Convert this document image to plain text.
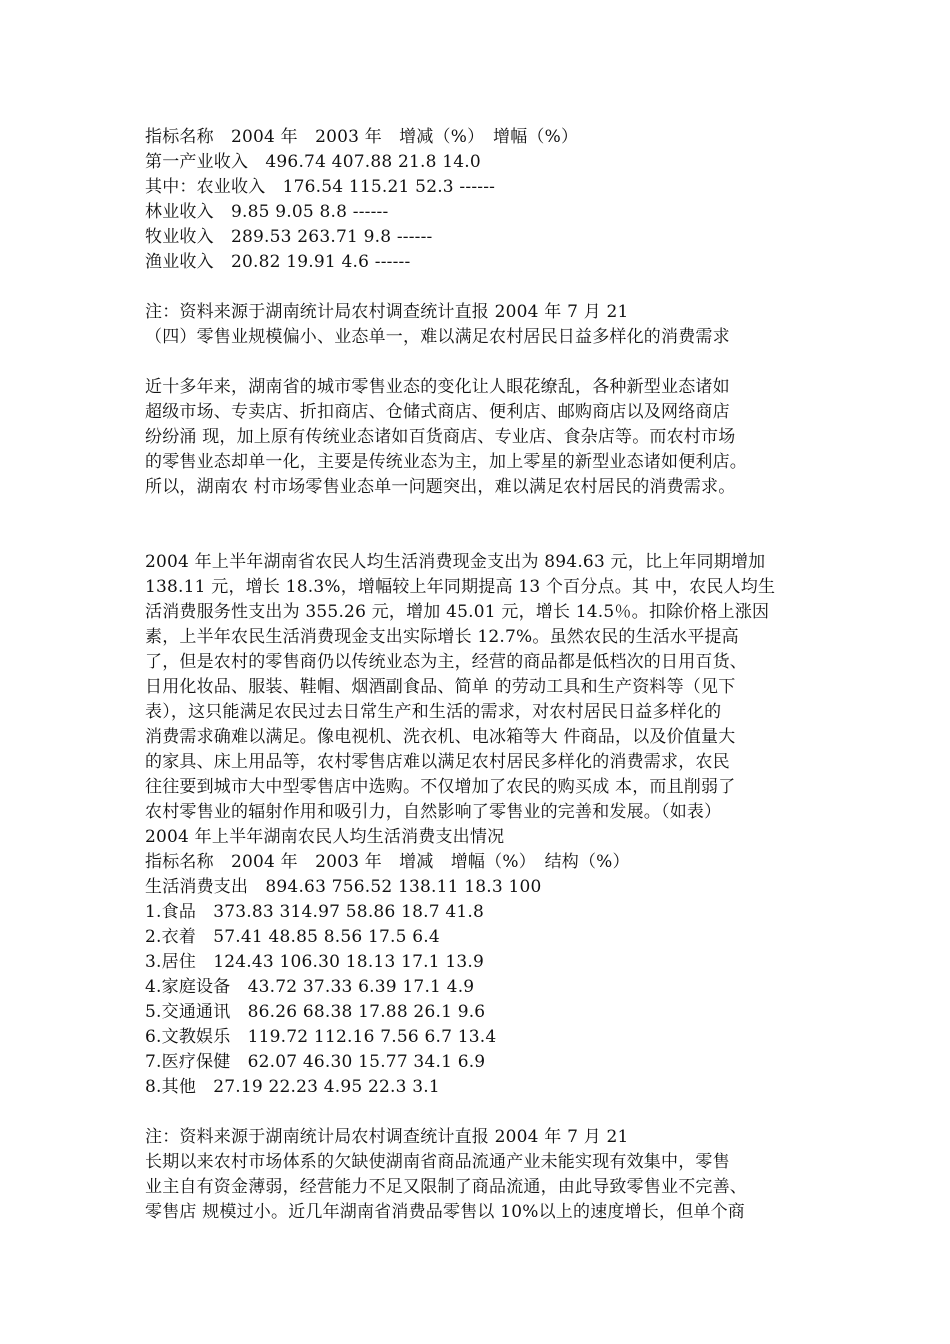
指标名称　2004 年　2003 年　增减（%）　增幅（%）
第一产业收入　496.74 407.88 21.8 14.0
其中：农业收入　176.54 115.21 52.3 ------
林业收入　9.85 9.05 8.8 ------
牧业收入　289.53 263.71 9.8 ------
渔业收入　20.82 19.91 4.6 ------
注：资料来源于湖南统计局农村调查统计直报 2004 年 7 月 21
（四）零售业规模偏小、业态单一，难以满足农村居民日益多样化的消费需求
近十多年来，湖南省的城市零售业态的变化让人眼花缭乱，各种新型业态诸如
超级市场、专卖店、折扣商店、仓储式商店、便利店、邮购商店以及网络商店
纷纷涌 现，加上原有传统业态诸如百货商店、专业店、食杂店等。而农村市场
的零售业态却单一化，主要是传统业态为主，加上零星的新型业态诸如便利店。
所以，湖南农 村市场零售业态单一问题突出，难以满足农村居民的消费需求。
2004 年上半年湖南省农民人均生活消费现金支出为 894.63 元，比上年同期增加
138.11 元，增长 18.3%，增幅较上年同期提高 13 个百分点。其 中，农民人均生
活消费服务性支出为 355.26 元，增加 45.01 元，增长 14.5％。扣除价格上涨因
素，上半年农民生活消费现金支出实际增长 12.7%。虽然农民的生活水平提高
了，但是农村的零售商仍以传统业态为主，经营的商品都是低档次的日用百货、
日用化妆品、服装、鞋帽、烟酒副食品、简单 的劳动工具和生产资料等（见下
表），这只能满足农民过去日常生产和生活的需求，对农村居民日益多样化的
消费需求确难以满足。像电视机、洗衣机、电冰箱等大 件商品，以及价值量大
的家具、床上用品等，农村零售店难以满足农村居民多样化的消费需求，农民
往往要到城市大中型零售店中选购。不仅增加了农民的购买成 本，而且削弱了
农村零售业的辐射作用和吸引力，自然影响了零售业的完善和发展。（如表）
2004 年上半年湖南农民人均生活消费支出情况
指标名称　2004 年　2003 年　增减　增幅（%）　结构（%）
生活消费支出　894.63 756.52 138.11 18.3 100
1.食品　373.83 314.97 58.86 18.7 41.8
2.衣着　57.41 48.85 8.56 17.5 6.4
3.居住　124.43 106.30 18.13 17.1 13.9
4.家庭设备　43.72 37.33 6.39 17.1 4.9
5.交通通讯　86.26 68.38 17.88 26.1 9.6
6.文教娱乐　119.72 112.16 7.56 6.7 13.4
7.医疗保健　62.07 46.30 15.77 34.1 6.9
8.其他　27.19 22.23 4.95 22.3 3.1
注：资料来源于湖南统计局农村调查统计直报 2004 年 7 月 21
长期以来农村市场体系的欠缺使湖南省商品流通产业未能实现有效集中，零售
业主自有资金薄弱，经营能力不足又限制了商品流通，由此导致零售业不完善、
零售店 规模过小。近几年湖南省消费品零售以 10%以上的速度增长，但单个商
